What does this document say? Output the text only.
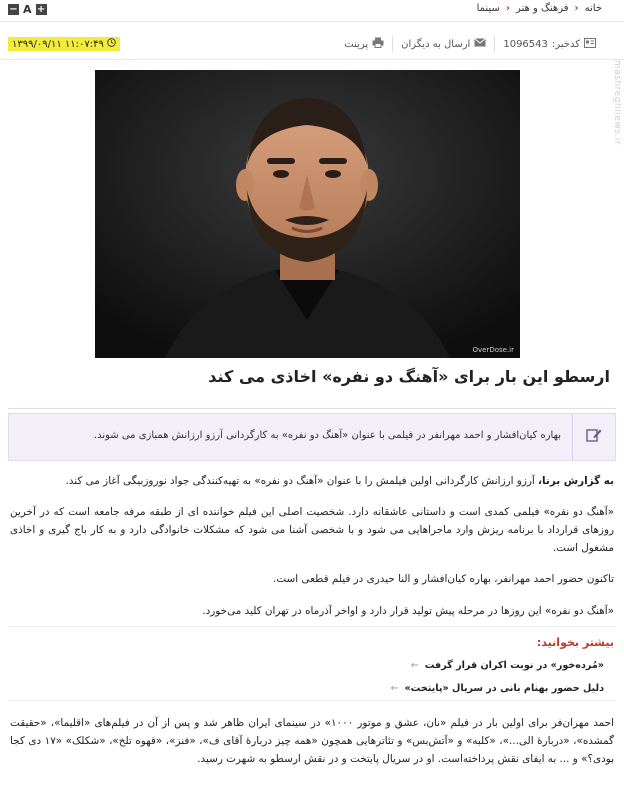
خانه
‹
فرهنگ و هنر
‹
سینما
− A +
کدخبر:
1096543
ارسال به دیگران
پرینت
۱۱:۰۷:۴۹ ۱۳۹۹/۰۹/۱۱
mashreghnews.ir
OverDose.ir
ارسطو این بار برای «آهنگ دو نفره» اخاذی می کند
بهاره کیان‌افشار و احمد مهرانفر در فیلمی با عنوان «آهنگ دو نفره» به کارگردانی آرزو ارزانش همبازی می شوند.
به گزارش برنا، آرزو ارزانش کارگردانی اولین فیلمش را با عنوان «آهنگ دو نفره» به تهیه‌کنندگی جواد نوروزبیگی آغاز می کند.
«آهنگ دو نفره» فیلمی کمدی است و داستانی عاشقانه دارد. شخصیت اصلی این فیلم خواننده ای از طبقه مرفه جامعه است که در آخرین روزهای قرارداد با برنامه ریزش وارد ماجراهایی می شود و با شخصی آشنا می شود که مشکلات خانوادگی دارد و به کار باج گیری و اخاذی مشغول است.
تاکنون حضور احمد مهرانفر، بهاره کیان‌افشار و النا حیدری در فیلم قطعی است.
«آهنگ دو نفره» این روزها در مرحله پیش تولید قرار دارد و اواخر آذرماه در تهران کلید می‌خورد.
بیشتر بخوانید:
«مُرده‌خور» در نوبت اکران قرار گرفت
←
دلیل حضور بهنام بانی در سریال «پایتخت»
←
احمد مهران‌فر برای اولین بار در فیلم «نان، عشق و موتور ۱۰۰۰» در سینمای ایران ظاهر شد و پس از آن در فیلم‌های «اقلیما»، «حقیقت گمشده»، «دربارهٔ الی...»، «کلبه» و «آتش‌بس» و تئاترهایی همچون «همه چیز دربارهٔ آقای ف»، «فنز»، «قهوه تلخ»، «شکلک» «۱۷ دی کجا بودی؟» و ... به ایفای نقش پرداخته‌است. او در سریال پایتخت و در نقش ارسطو به شهرت رسید.
